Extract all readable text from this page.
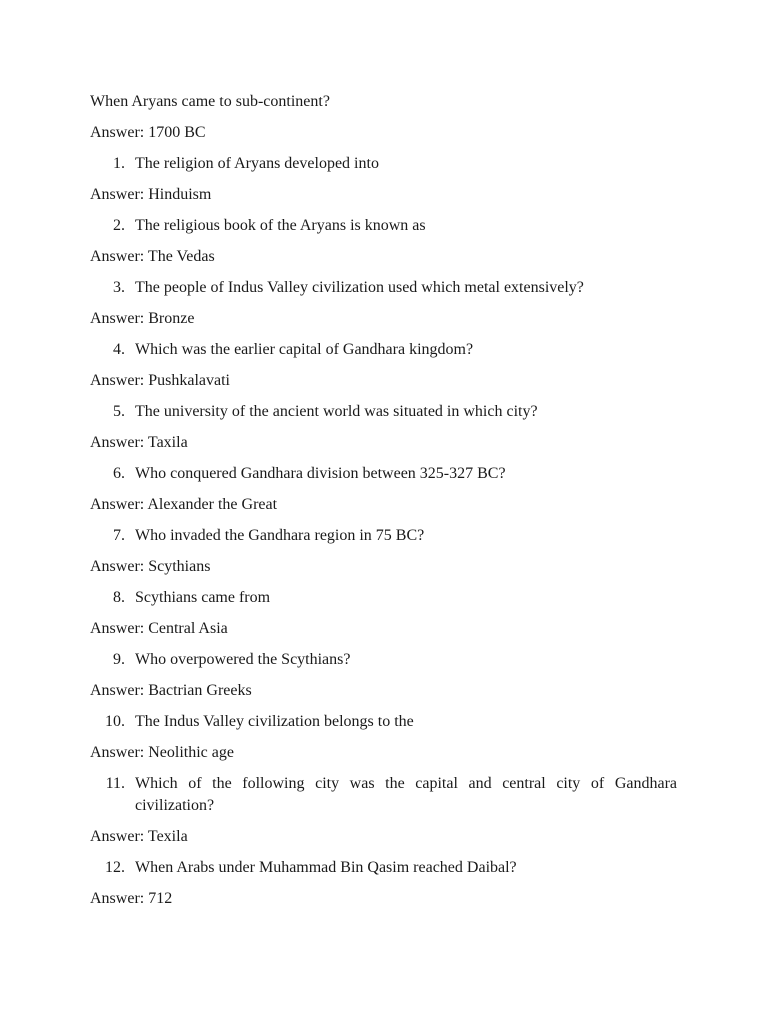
When Aryans came to sub-continent?
Answer: 1700 BC
1. The religion of Aryans developed into
Answer: Hinduism
2. The religious book of the Aryans is known as
Answer: The Vedas
3. The people of Indus Valley civilization used which metal extensively?
Answer: Bronze
4. Which was the earlier capital of Gandhara kingdom?
Answer: Pushkalavati
5. The university of the ancient world was situated in which city?
Answer: Taxila
6. Who conquered Gandhara division between 325-327 BC?
Answer: Alexander the Great
7. Who invaded the Gandhara region in 75 BC?
Answer: Scythians
8. Scythians came from
Answer: Central Asia
9. Who overpowered the Scythians?
Answer: Bactrian Greeks
10. The Indus Valley civilization belongs to the
Answer: Neolithic age
11. Which of the following city was the capital and central city of Gandhara civilization?
Answer: Texila
12. When Arabs under Muhammad Bin Qasim reached Daibal?
Answer: 712
